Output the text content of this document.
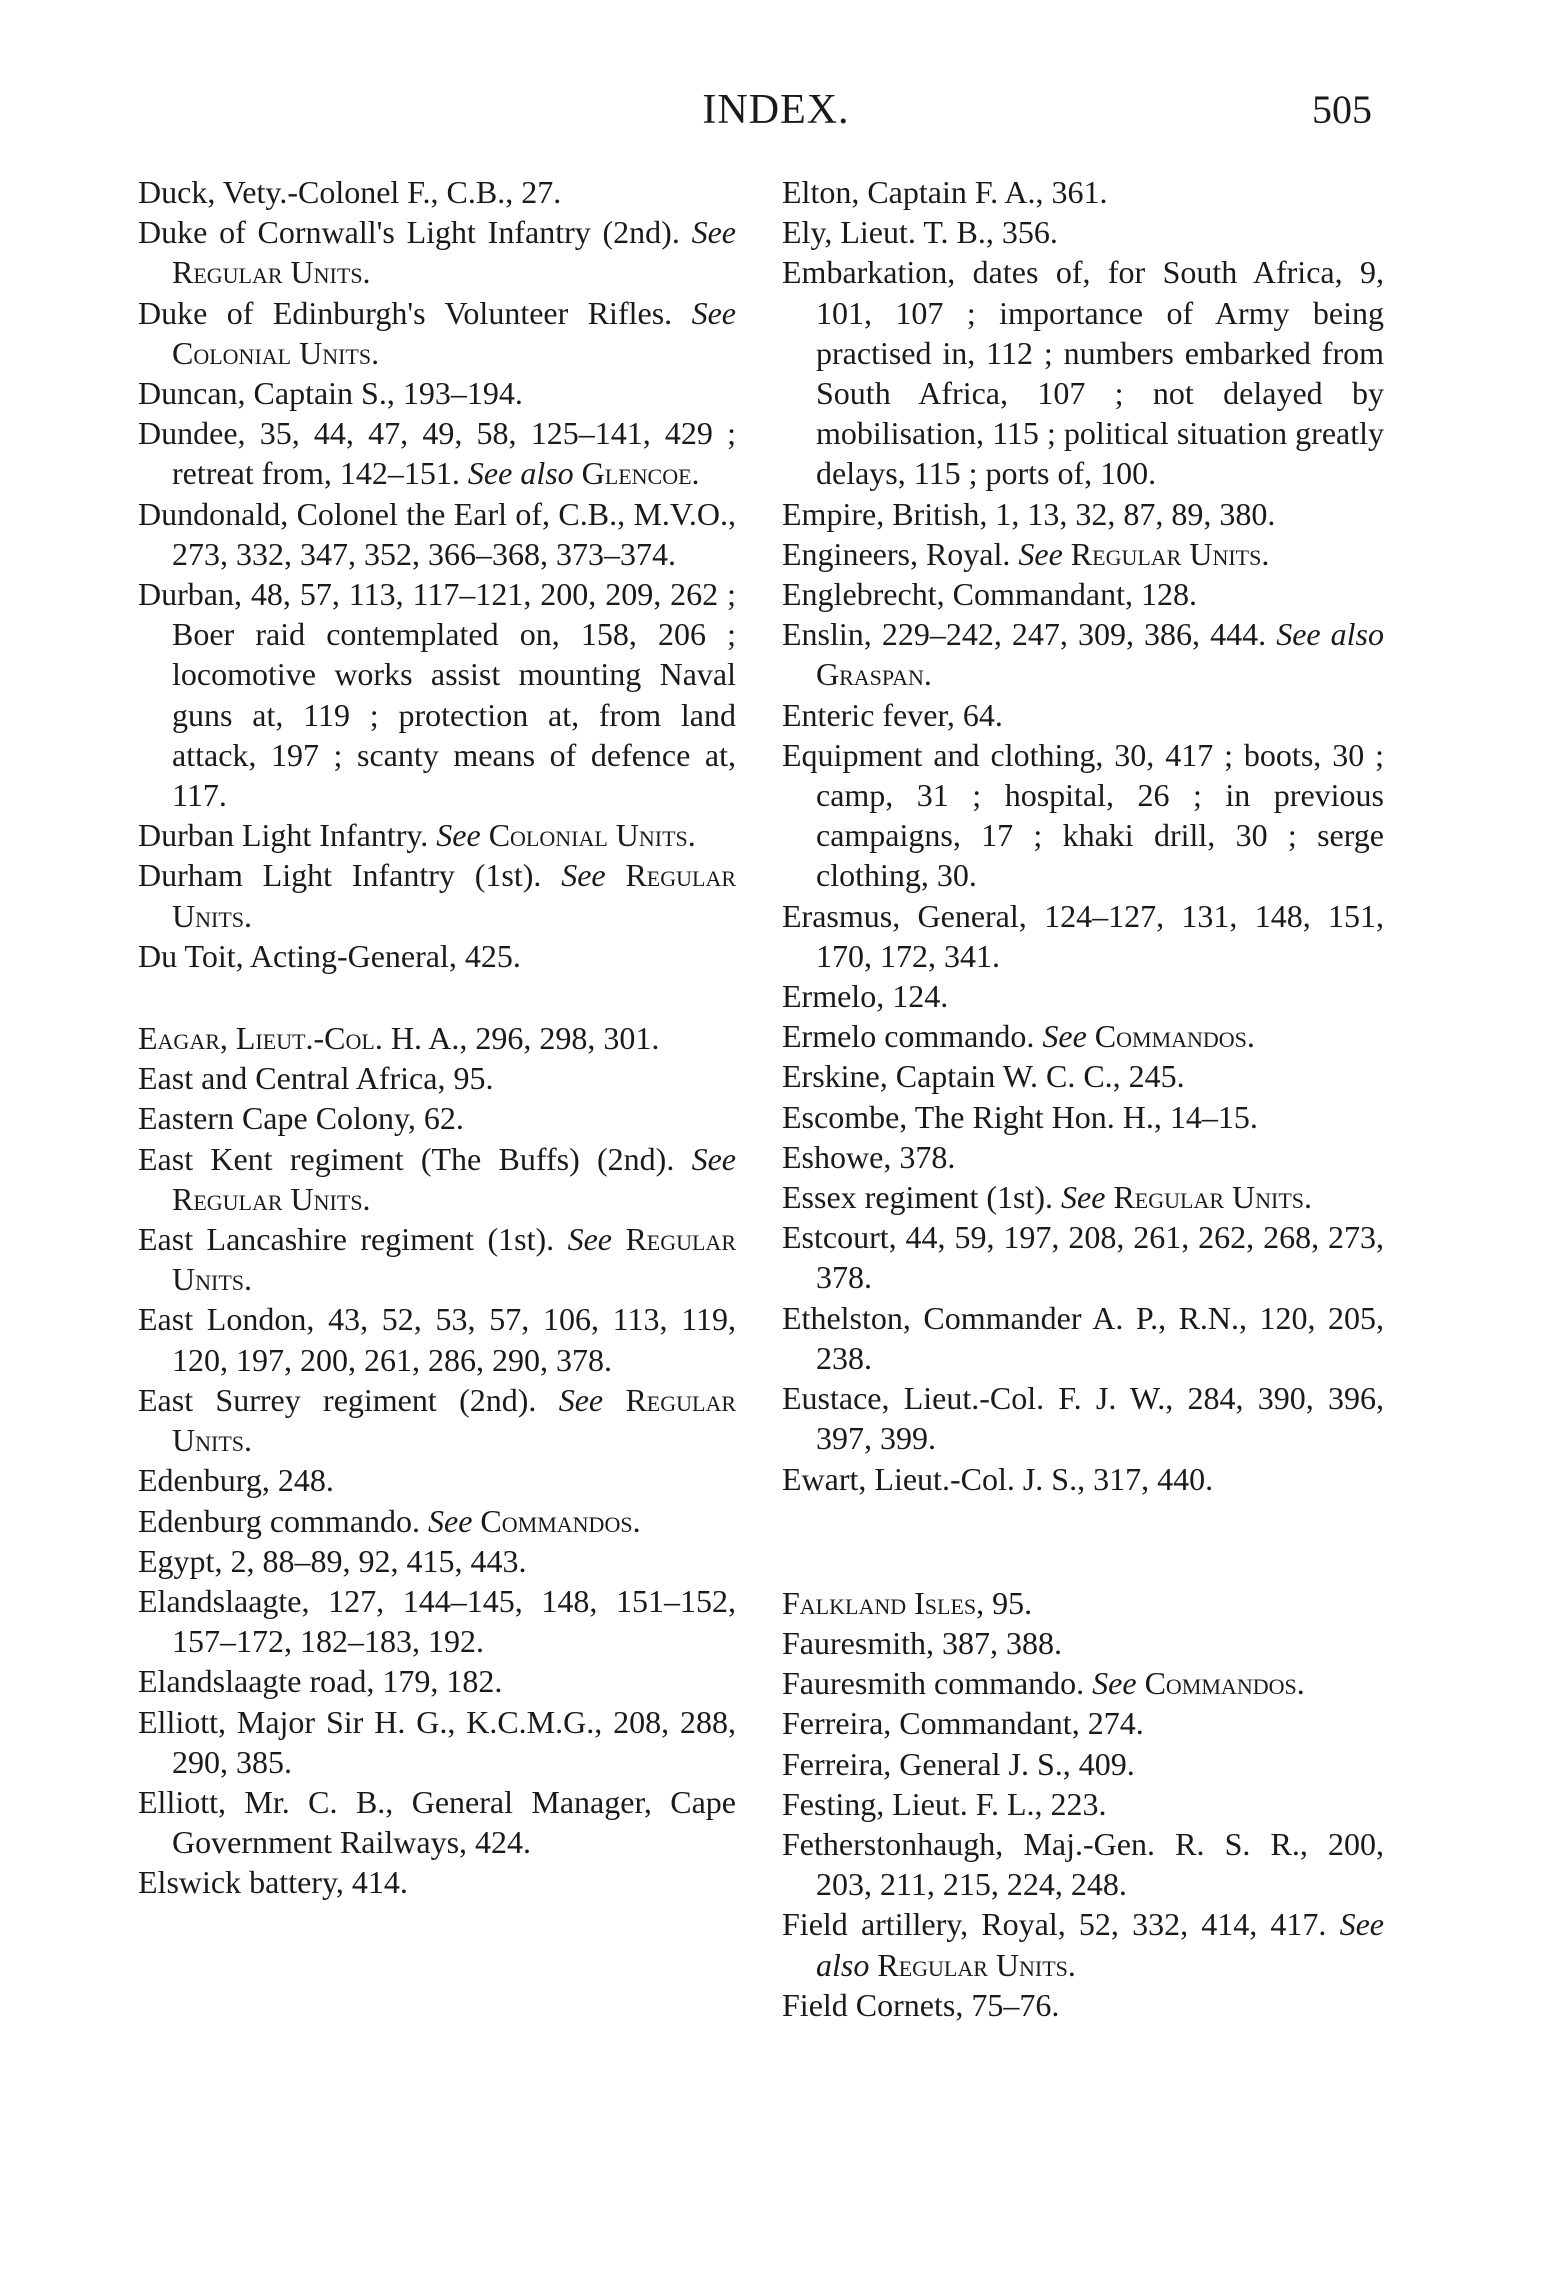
INDEX.	505
Duck, Vety.-Colonel F., C.B., 27.
Duke of Cornwall's Light Infantry (2nd). See Regular Units.
Duke of Edinburgh's Volunteer Rifles. See Colonial Units.
Duncan, Captain S., 193–194.
Dundee, 35, 44, 47, 49, 58, 125–141, 429 ; retreat from, 142–151. See also Glencoe.
Dundonald, Colonel the Earl of, C.B., M.V.O., 273, 332, 347, 352, 366–368, 373–374.
Durban, 48, 57, 113, 117–121, 200, 209, 262 ; Boer raid contemplated on, 158, 206 ; locomotive works assist mounting Naval guns at, 119 ; protection at, from land attack, 197 ; scanty means of defence at, 117.
Durban Light Infantry. See Colonial Units.
Durham Light Infantry (1st). See Regular Units.
Du Toit, Acting-General, 425.
Eagar, Lieut.-Col. H. A., 296, 298, 301.
East and Central Africa, 95.
Eastern Cape Colony, 62.
East Kent regiment (The Buffs) (2nd). See Regular Units.
East Lancashire regiment (1st). See Regular Units.
East London, 43, 52, 53, 57, 106, 113, 119, 120, 197, 200, 261, 286, 290, 378.
East Surrey regiment (2nd). See Regular Units.
Edenburg, 248.
Edenburg commando. See Commandos.
Egypt, 2, 88–89, 92, 415, 443.
Elandslaagte, 127, 144–145, 148, 151–152, 157–172, 182–183, 192.
Elandslaagte road, 179, 182.
Elliott, Major Sir H. G., K.C.M.G., 208, 288, 290, 385.
Elliott, Mr. C. B., General Manager, Cape Government Railways, 424.
Elswick battery, 414.
Elton, Captain F. A., 361.
Ely, Lieut. T. B., 356.
Embarkation, dates of, for South Africa, 9, 101, 107 ; importance of Army being practised in, 112 ; numbers embarked from South Africa, 107 ; not delayed by mobilisation, 115 ; political situation greatly delays, 115 ; ports of, 100.
Empire, British, 1, 13, 32, 87, 89, 380.
Engineers, Royal. See Regular Units.
Englebrecht, Commandant, 128.
Enslin, 229–242, 247, 309, 386, 444. See also Graspan.
Enteric fever, 64.
Equipment and clothing, 30, 417 ; boots, 30 ; camp, 31 ; hospital, 26 ; in previous campaigns, 17 ; khaki drill, 30 ; serge clothing, 30.
Erasmus, General, 124–127, 131, 148, 151, 170, 172, 341.
Ermelo, 124.
Ermelo commando. See Commandos.
Erskine, Captain W. C. C., 245.
Escombe, The Right Hon. H., 14–15.
Eshowe, 378.
Essex regiment (1st). See Regular Units.
Estcourt, 44, 59, 197, 208, 261, 262, 268, 273, 378.
Ethelston, Commander A. P., R.N., 120, 205, 238.
Eustace, Lieut.-Col. F. J. W., 284, 390, 396, 397, 399.
Ewart, Lieut.-Col. J. S., 317, 440.
Falkland Isles, 95.
Fauresmith, 387, 388.
Fauresmith commando. See Commandos.
Ferreira, Commandant, 274.
Ferreira, General J. S., 409.
Festing, Lieut. F. L., 223.
Fetherstonhaugh, Maj.-Gen. R. S. R., 200, 203, 211, 215, 224, 248.
Field artillery, Royal, 52, 332, 414, 417. See also Regular Units.
Field Cornets, 75–76.
